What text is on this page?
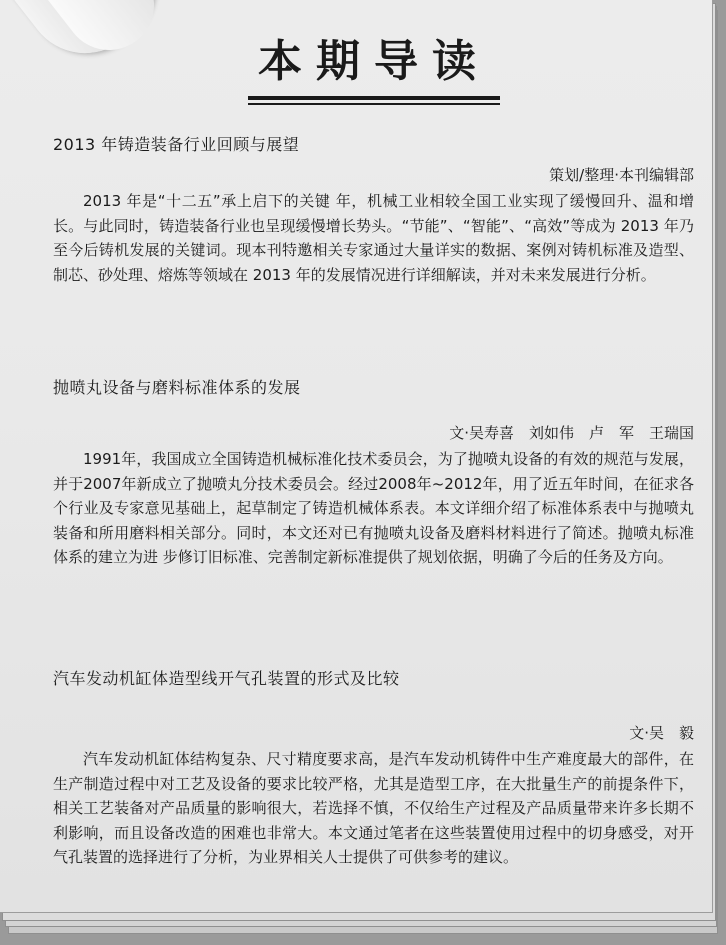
本期导读
2013 年铸造装备行业回顾与展望
策划/整理·本刊编辑部
2013 年是“十二五”承上启下的关键 年，机械工业相较全国工业实现了缓慢回升、温和增长。与此同时，铸造装备行业也呈现缓慢增长势头。“节能”、“智能”、“高效”等成为 2013 年乃至今后铸机发展的关键词。现本刊特邀相关专家通过大量详实的数据、案例对铸机标准及造型、制芯、砂处理、熔炼等领域在 2013 年的发展情况进行详细解读，并对未来发展进行分析。
抛喷丸设备与磨料标准体系的发展
文·吴寿喜　刘如伟　卢　军　王瑞国
1991年，我国成立全国铸造机械标准化技术委员会，为了抛喷丸设备的有效的规范与发展，并于2007年新成立了抛喷丸分技术委员会。经过2008年~2012年，用了近五年时间，在征求各个行业及专家意见基础上，起草制定了铸造机械体系表。本文详细介绍了标准体系表中与抛喷丸装备和所用磨料相关部分。同时，本文还对已有抛喷丸设备及磨料材料进行了简述。抛喷丸标准体系的建立为进 步修订旧标准、完善制定新标准提供了规划依据，明确了今后的任务及方向。
汽车发动机缸体造型线开气孔装置的形式及比较
文·吴　毅
汽车发动机缸体结构复杂、尺寸精度要求高，是汽车发动机铸件中生产难度最大的部件，在生产制造过程中对工艺及设备的要求比较严格，尤其是造型工序，在大批量生产的前提条件下，相关工艺装备对产品质量的影响很大，若选择不慎，不仅给生产过程及产品质量带来许多长期不利影响，而且设备改造的困难也非常大。本文通过笔者在这些装置使用过程中的切身感受，对开气孔装置的选择进行了分析，为业界相关人士提供了可供参考的建议。
